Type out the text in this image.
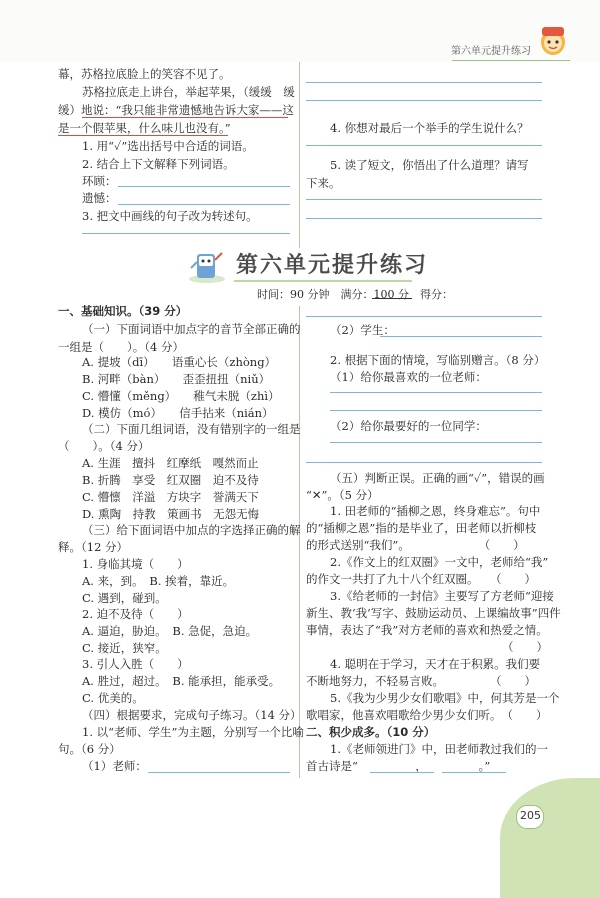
第六单元提升练习
幕，苏格拉底脸上的笑容不见了。
苏格拉底走上讲台，举起苹果，（缓缓　缓
缓）地说：“我只能非常遗憾地告诉大家——这
是一个假苹果，什么味儿也没有。”
1. 用“✓”选出括号中合适的词语。
2. 结合上下文解释下列词语。
环顾：
遗憾：
3. 把文中画线的句子改为转述句。
4. 你想对最后一个举手的学生说什么？
5. 读了短文，你悟出了什么道理？请写
下来。
第六单元提升练习
时间：90 分钟　满分：100 分　得分：
一、基础知识。（39 分）
（一）下面词语中加点字的音节全部正确的
一组是（　　）。（4 分）
A. 提坡（dī）　　语重心长（zhòng）
B. 河畔（bàn）　　歪歪扭扭（niǔ）
C. 懵懂（měng）　　稚气未脱（zhì）
D. 模仿（mó）　　信手拈来（nián）
（二）下面几组词语，没有错别字的一组是
（　　）。（4 分）
A. 生涯　擅抖　红摩纸　嘎然而止
B. 折腾　享受　红双圈　迫不及待
C. 懵懔　洋溢　方块字　誉满天下
D. 熏陶　持教　策画书　无怨无悔
（三）给下面词语中加点的字选择正确的解
释。（12 分）
1. 身临其境（　　）
A. 来，到。　B. 挨着，靠近。
C. 遇到，碰到。
2. 迫不及待（　　）
A. 逼迫，胁迫。　B. 急促，急迫。
C. 接近，狭窄。
3. 引人入胜（　　）
A. 胜过，超过。　B. 能承担，能承受。
C. 优美的。
（四）根据要求，完成句子练习。（14 分）
1. 以“老师、学生”为主题，分别写一个比喻
句。（6 分）
（1）老师：
（2）学生：
2. 根据下面的情境，写临别赠言。（8 分）
（1）给你最喜欢的一位老师：
（2）给你最要好的一位同学：
（五）判断正误。正确的画“✓”，错误的画
“✕”。（5 分）
1. 田老师的“插柳之恩，终身难忘”。句中
的“插柳之恩”指的是毕业了，田老师以折柳枝
的形式送别“我们”。　　　　　　　（　　）
2.《作文上的红双圈》一文中，老师给“我”
的作文一共打了九十八个红双圈。　　（　　）
3.《给老师的一封信》主要写了方老师“迎接
新生、教‘我’写字、鼓励运动员、上课编故事”四件
事情，表达了“我”对方老师的喜欢和热爱之情。
（　　）
4. 聪明在于学习，天才在于积累。我们要
不断地努力，不轻易言败。　　　　　（　　）
5.《我为少男少女们歌唱》中，何其芳是一个
歌唱家，他喜欢唱歌给少男少女们听。　（　　）
二、积少成多。（10 分）
1.《老师领进门》中，田老师教过我们的一
首古诗是“　　　　　，　　　　　。”
205
